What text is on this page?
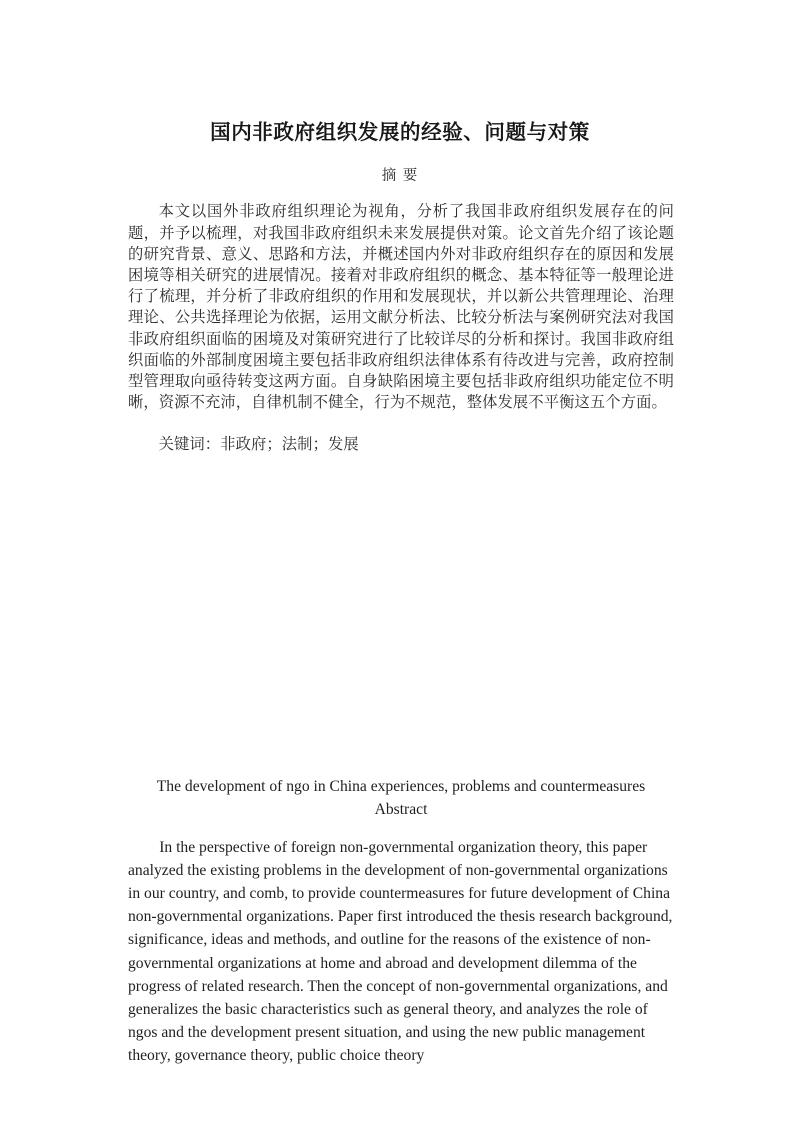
国内非政府组织发展的经验、问题与对策
摘 要

本文以国外非政府组织理论为视角，分析了我国非政府组织发展存在的问题，并予以梳理，对我国非政府组织未来发展提供对策。论文首先介绍了该论题的研究背景、意义、思路和方法，并概述国内外对非政府组织存在的原因和发展困境等相关研究的进展情况。接着对非政府组织的概念、基本特征等一般理论进行了梳理，并分析了非政府组织的作用和发展现状，并以新公共管理理论、治理理论、公共选择理论为依据，运用文献分析法、比较分析法与案例研究法对我国非政府组织面临的困境及对策研究进行了比较详尽的分析和探讨。我国非政府组织面临的外部制度困境主要包括非政府组织法律体系有待改进与完善，政府控制型管理取向亟待转变这两方面。自身缺陷困境主要包括非政府组织功能定位不明晰，资源不充沛，自律机制不健全，行为不规范，整体发展不平衡这五个方面。

关键词：非政府；法制；发展

The development of ngo in China experiences, problems and countermeasures
Abstract

In the perspective of foreign non-governmental organization theory, this paper analyzed the existing problems in the development of non-governmental organizations in our country, and comb, to provide countermeasures for future development of China non-governmental organizations. Paper first introduced the thesis research background, significance, ideas and methods, and outline for the reasons of the existence of non-governmental organizations at home and abroad and development dilemma of the progress of related research. Then the concept of non-governmental organizations, and generalizes the basic characteristics such as general theory, and analyzes the role of ngos and the development present situation, and using the new public management theory, governance theory, public choice theory
